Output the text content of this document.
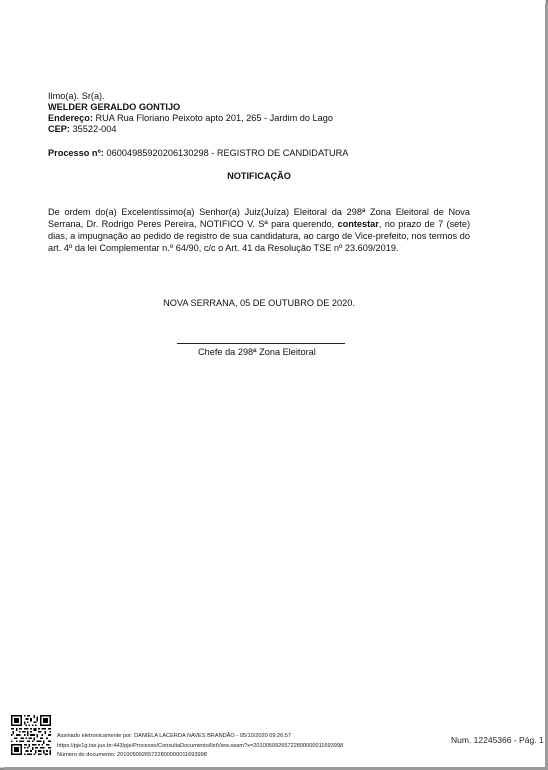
Ilmo(a). Sr(a).
WELDER GERALDO GONTIJO
Endereço: RUA Rua Floriano Peixoto apto 201, 265 - Jardim do Lago
CEP: 35522-004
Processo nº: 06004985920206130298 - REGISTRO DE CANDIDATURA
NOTIFICAÇÃO
De ordem do(a) Excelentíssimo(a) Senhor(a) Juiz(Juíza) Eleitoral da 298ª Zona Eleitoral de Nova Serrana, Dr. Rodrigo Peres Pereira, NOTIFICO V. Sª para querendo, contestar, no prazo de 7 (sete) dias, a impugnação ao pedido de registro de sua candidatura, ao cargo de Vice-prefeito, nos termos do art. 4º da lei Complementar n.º 64/90, c/c o Art. 41 da Resolução TSE nº 23.609/2019.
NOVA SERRANA, 05 DE OUTUBRO DE 2020.
Chefe da 298ª Zona Eleitoral
Assinado eletronicamente por: DANIELA LACERDA NAVES BRANDÃO - 05/10/2020 09:26:57
https://pje1g.tse.jus.br:443/pje/Processo/ConsultaDocumento/listView.seam?x=20100509265722800000011693998
Número do documento: 20100509265722800000011693998
Num. 12245366 - Pág. 1
